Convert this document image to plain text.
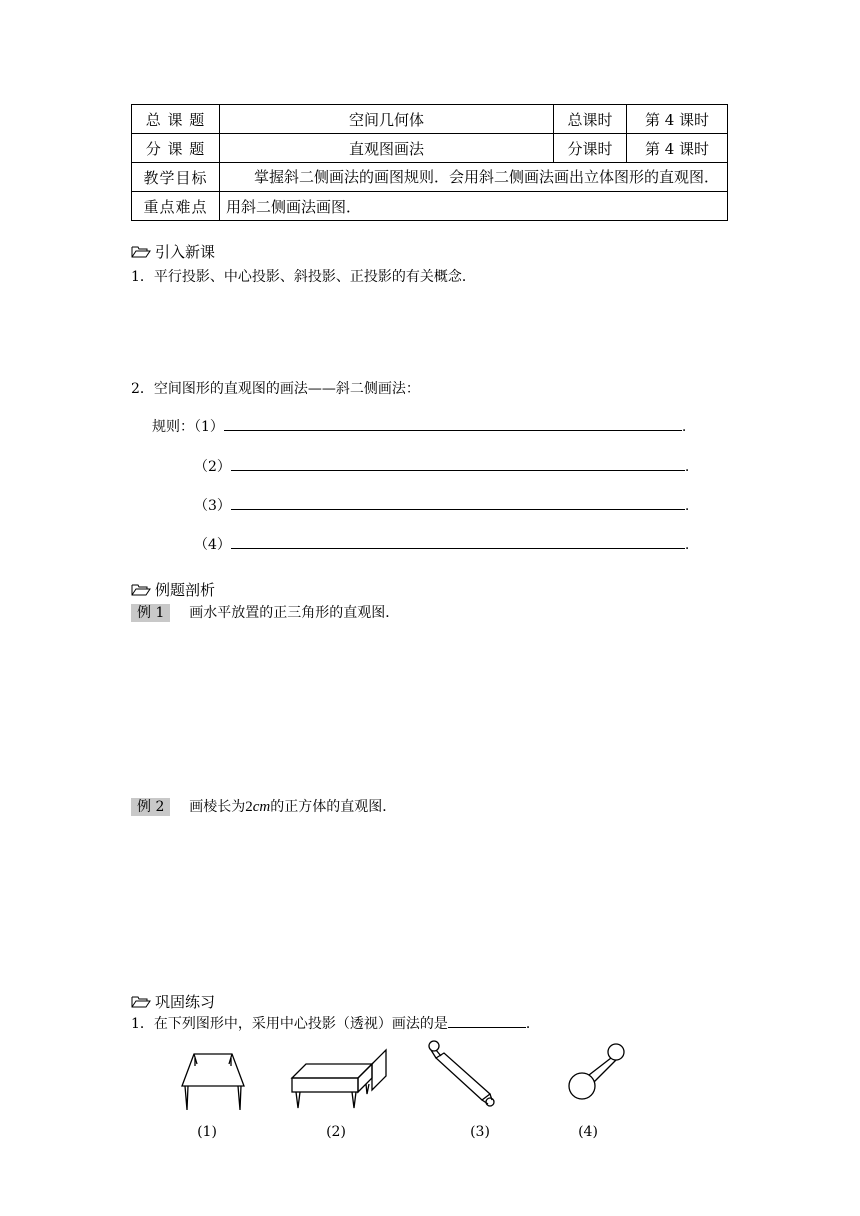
总 课 题	空间几何体	总课时	第 4 课时
分 课 题	直观图画法	分课时	第 4 课时
教学目标	掌握斜二侧画法的画图规则．会用斜二侧画法画出立体图形的直观图．		
重点难点	用斜二侧画法画图．		
引入新课
1．平行投影、中心投影、斜投影、正投影的有关概念．
2．空间图形的直观图的画法——斜二侧画法：
规则：（1）	.
（2）	.
（3）	.
（4）	.
例题剖析
例 1 画水平放置的正三角形的直观图．
例 2 画棱长为2cm的正方体的直观图．
巩固练习
1．在下列图形中，采用中心投影（透视）画法的是	．
(1)	(2)	(3)	(4)
